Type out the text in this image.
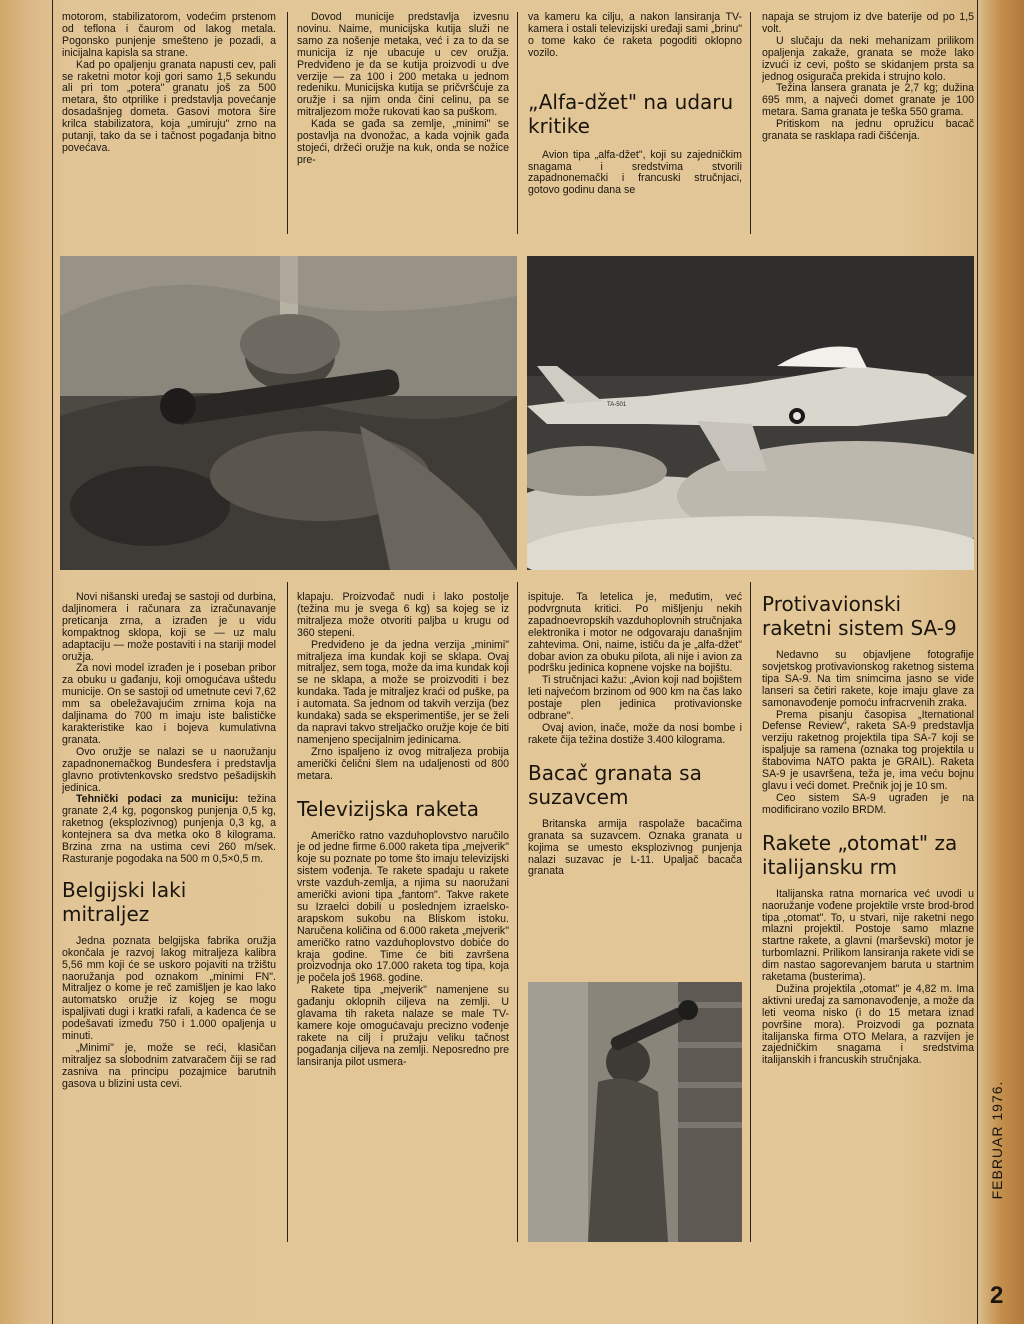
motorom, stabilizatorom, vodećim prstenom od teflona i čaurom od lakog metala. Pogonsko punjenje smešteno je pozadi, a inicijalna kapisla sa strane.

Kad po opaljenju granata napusti cev, pali se raketni motor koji gori samo 1,5 sekundu ali pri tom „potera" granatu još za 500 metara, što otprilike i predstavlja povećanje dosadašnjeg dometa. Gasovi motora šire krilca stabilizatora, koja „umiruju" zrno na putanji, tako da se i tačnost pogađanja bitno povećava.

Dovod municije predstavlja izvesnu novinu. Naime, municijska kutija služi ne samo za nošenje metaka, već i za to da se municija iz nje ubacuje u cev oružja. Predviđeno je da se kutija proizvodi u dve verzije — za 100 i 200 metaka u jednom redeniku. Municijska kutija se pričvršćuje za oružje i sa njim onda čini celinu, pa se mitraljezom može rukovati kao sa puškom.

Kada se gađa sa zemlje, „minimi" se postavlja na dvonožac, a kada vojnik gađa stojeći, držeći oružje na kuk, onda se nožice pre-

va kameru ka cilju, a nakon lansiranja TV-kamera i ostali televizijski uređaji sami „brinu" o tome kako će raketa pogoditi oklopno vozilo.

„Alfa-džet" na udaru kritike

Avion tipa „alfa-džet", koji su zajedničkim snagama i sredstvima stvorili zapadnonemački i francuski stručnjaci, gotovo godinu dana se

napaja se strujom iz dve baterije od po 1,5 volt.

U slučaju da neki mehanizam prilikom opaljenja zakaže, granata se može lako izvući iz cevi, pošto se skidanjem prsta sa jednog osigurača prekida i strujno kolo.

Težina lansera granata je 2,7 kg; dužina 695 mm, a najveći domet granate je 100 metara. Sama granata je teška 550 grama.

Pritiskom na jednu opružicu bacač granata se rasklapa radi čišćenja.

TA-501

Novi nišanski uređaj se sastoji od durbina, daljinomera i računara za izračunavanje preticanja zrna, a izrađen je u vidu kompaktnog sklopa, koji se — uz malu adaptaciju — može postaviti i na stariji model oružja.

Za novi model izrađen je i poseban pribor za obuku u gađanju, koji omogućava uštedu municije. On se sastoji od umetnute cevi 7,62 mm sa obeležavajućim zrnima koja na daljinama do 700 m imaju iste balističke karakteristike kao i bojeva kumulativna granata.

Ovo oružje se nalazi se u naoružanju zapadnonemačkog Bundesfera i predstavlja glavno protivtenkovsko sredstvo pešadijskih jedinica.

Tehnički podaci za municiju: težina granate 2,4 kg, pogonskog punjenja 0,5 kg, raketnog (eksplozivnog) punjenja 0,3 kg, a kontejnera sa dva metka oko 8 kilograma. Brzina zrna na ustima cevi 260 m/sek. Rasturanje pogodaka na 500 m 0,5×0,5 m.

Belgijski laki mitraljez

Jedna poznata belgijska fabrika oružja okončala je razvoj lakog mitraljeza kalibra 5,56 mm koji će se uskoro pojaviti na tržištu naoružanja pod oznakom „minimi FN". Mitraljez o kome je reč zamišljen je kao lako automatsko oružje iz kojeg se mogu ispaljivati dugi i kratki rafali, a kadenca će se podešavati između 750 i 1.000 opaljenja u minuti.

„Minimi" je, može se reći, klasičan mitraljez sa slobodnim zatvaračem čiji se rad zasniva na principu pozajmice barutnih gasova u blizini usta cevi.

klapaju. Proizvođač nudi i lako postolje (težina mu je svega 6 kg) sa kojeg se iz mitraljeza može otvoriti paljba u krugu od 360 stepeni.

Predviđeno je da jedna verzija „minimi" mitraljeza ima kundak koji se sklapa. Ovaj mitraljez, sem toga, može da ima kundak koji se ne sklapa, a može se proizvoditi i bez kundaka. Tada je mitraljez kraći od puške, pa i automata. Sa jednom od takvih verzija (bez kundaka) sada se eksperimentiše, jer se želi da napravi takvo streljačko oružje koje će biti namenjeno specijalnim jedinicama.

Zrno ispaljeno iz ovog mitraljeza probija američki čelični šlem na udaljenosti od 800 metara.

Televizijska raketa

Američko ratno vazduhoplovstvo naručilo je od jedne firme 6.000 raketa tipa „mejverik" koje su poznate po tome što imaju televizijski sistem vođenja. Te rakete spadaju u rakete vrste vazduh-zemlja, a njima su naoružani američki avioni tipa „fantom". Takve rakete su Izraelci dobili u poslednjem izraelsko-arapskom sukobu na Bliskom istoku. Naručena količina od 6.000 raketa „mejverik" američko ratno vazduhoplovstvo dobiće do kraja godine. Time će biti završena proizvodnja oko 17.000 raketa tog tipa, koja je počela još 1968. godine.

Rakete tipa „mejverik" namenjene su gađanju oklopnih ciljeva na zemlji. U glavama tih raketa nalaze se male TV-kamere koje omogućavaju precizno vođenje rakete na cilj i pružaju veliku tačnost pogađanja ciljeva na zemlji. Neposredno pre lansiranja pilot usmera-

ispituje. Ta letelica je, međutim, već podvrgnuta kritici. Po mišljenju nekih zapadnoevropskih vazduhoplovnih stručnjaka elektronika i motor ne odgovaraju današnjim zahtevima. Oni, naime, ističu da je „alfa-džet" dobar avion za obuku pilota, ali nije i avion za podršku jedinica kopnene vojske na bojištu.

Ti stručnjaci kažu: „Avion koji nad bojištem leti najvećom brzinom od 900 km na čas lako postaje plen jedinica protivavionske odbrane".

Ovaj avion, inače, može da nosi bombe i rakete čija težina dostiže 3.400 kilograma.

Bacač granata sa suzavcem

Britanska armija raspolaže bacačima granata sa suzavcem. Oznaka granata u kojima se umesto eksplozivnog punjenja nalazi suzavac je L-11. Upaljač bacača granata

Protivavionski raketni sistem SA-9

Nedavno su objavljene fotografije sovjetskog protivavionskog raketnog sistema tipa SA-9. Na tim snimcima jasno se vide lanseri sa četiri rakete, koje imaju glave za samonavođenje pomoću infracrvenih zraka.

Prema pisanju časopisa „Iternational Defense Review", raketa SA-9 predstavlja verziju raketnog projektila tipa SA-7 koji se ispaljuje sa ramena (oznaka tog projektila u štabovima NATO pakta je GRAIL). Raketa SA-9 je usavršena, teža je, ima veću bojnu glavu i veći domet. Prečnik joj je 10 sm.

Ceo sistem SA-9 ugrađen je na modificirano vozilo BRDM.

Rakete „otomat" za italijansku rm

Italijanska ratna mornarica već uvodi u naoružanje vođene projektile vrste brod-brod tipa „otomat". To, u stvari, nije raketni nego mlazni projektil. Postoje samo mlazne startne rakete, a glavni (marševski) motor je turbomlazni. Prilikom lansiranja rakete vidi se dim nastao sagorevanjem baruta u startnim raketama (busterima).

Dužina projektila „otomat" je 4,82 m. Ima aktivni uređaj za samonavođenje, a može da leti veoma nisko (i do 15 metara iznad površine mora). Proizvodi ga poznata italijanska firma OTO Melara, a razvijen je zajedničkim snagama i sredstvima italijanskih i francuskih stručnjaka.

FEBRUAR 1976.
2
